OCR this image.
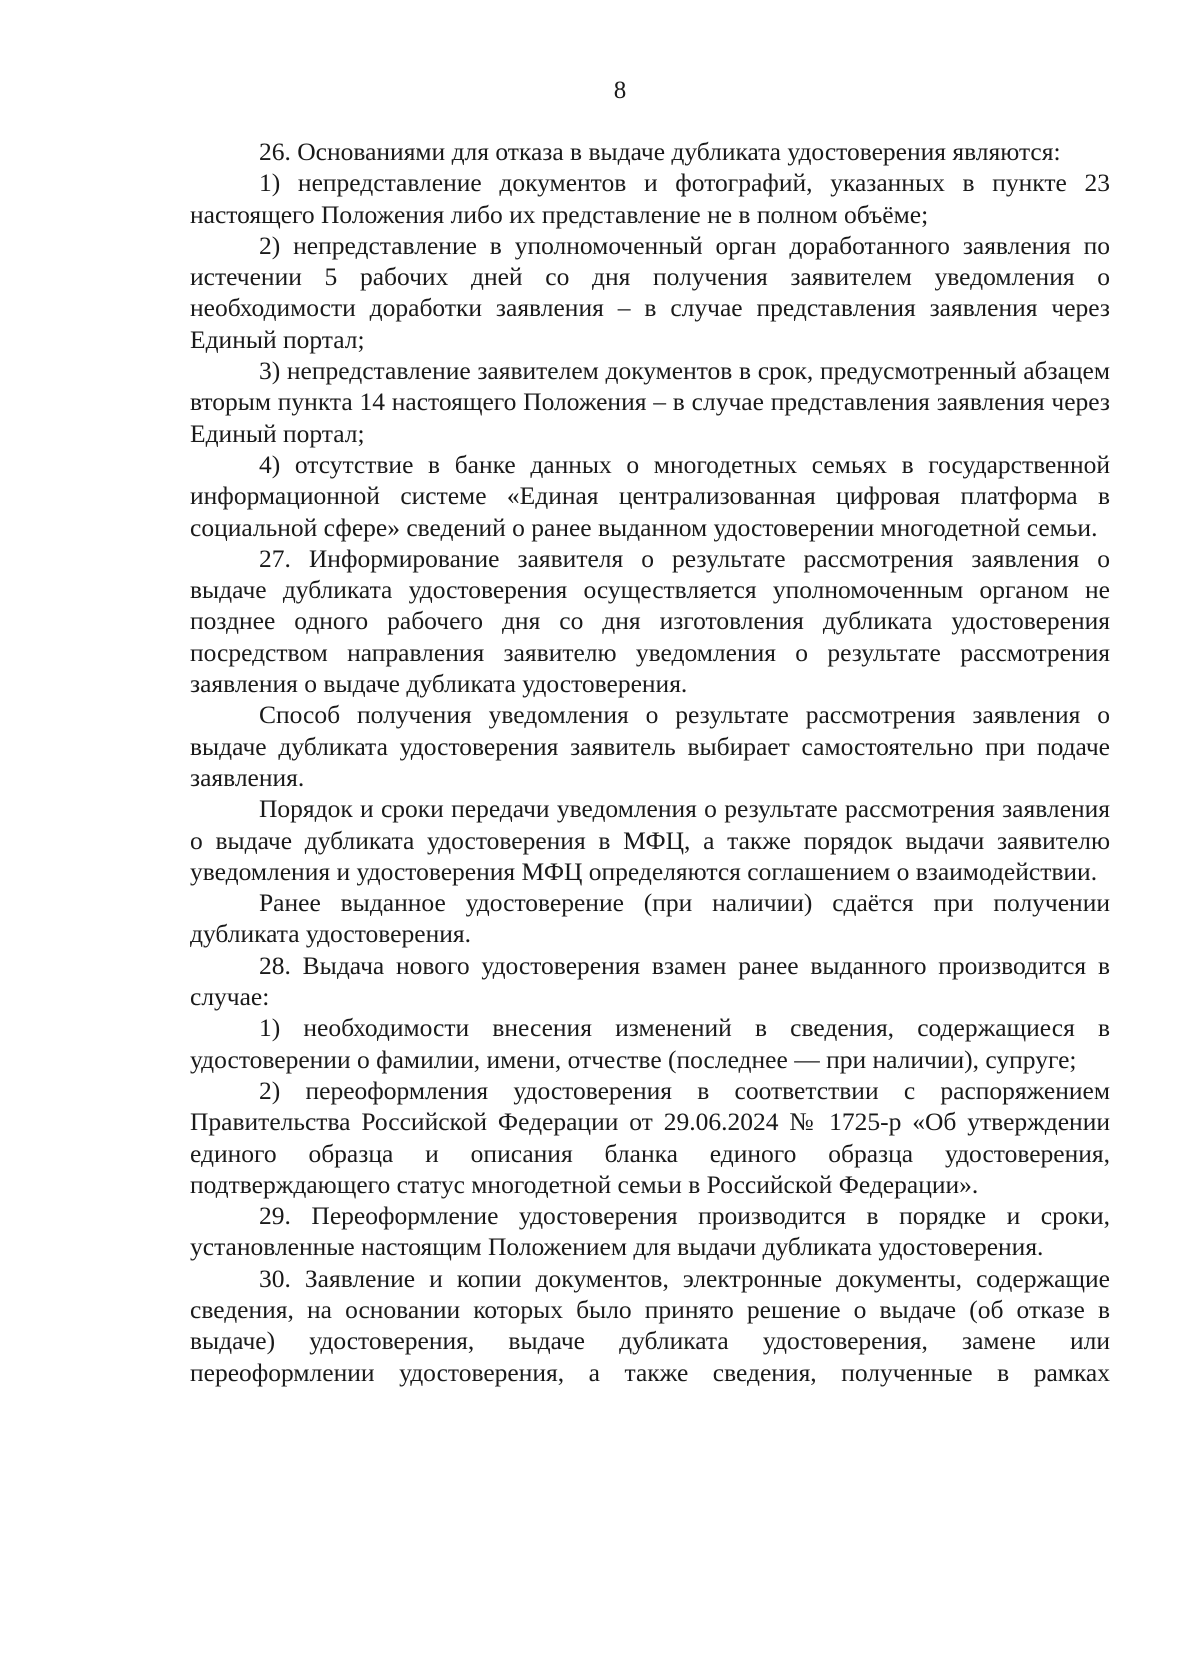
8

26. Основаниями для отказа в выдаче дубликата удостоверения являются:

1) непредставление документов и фотографий, указанных в пункте 23 настоящего Положения либо их представление не в полном объёме;

2) непредставление в уполномоченный орган доработанного заявления по истечении 5 рабочих дней со дня получения заявителем уведомления о необходимости доработки заявления – в случае представления заявления через Единый портал;

3) непредставление заявителем документов в срок, предусмотренный абзацем вторым пункта 14 настоящего Положения – в случае представления заявления через Единый портал;

4) отсутствие в банке данных о многодетных семьях в государственной информационной системе «Единая централизованная цифровая платформа в социальной сфере» сведений о ранее выданном удостоверении многодетной семьи.

27. Информирование заявителя о результате рассмотрения заявления о выдаче дубликата удостоверения осуществляется уполномоченным органом не позднее одного рабочего дня со дня изготовления дубликата удостоверения посредством направления заявителю уведомления о результате рассмотрения заявления о выдаче дубликата удостоверения.

Способ получения уведомления о результате рассмотрения заявления о выдаче дубликата удостоверения заявитель выбирает самостоятельно при подаче заявления.

Порядок и сроки передачи уведомления о результате рассмотрения заявления о выдаче дубликата удостоверения в МФЦ, а также порядок выдачи заявителю уведомления и удостоверения МФЦ определяются соглашением о взаимодействии.

Ранее выданное удостоверение (при наличии) сдаётся при получении дубликата удостоверения.

28. Выдача нового удостоверения взамен ранее выданного производится в случае:

1) необходимости внесения изменений в сведения, содержащиеся в удостоверении о фамилии, имени, отчестве (последнее — при наличии), супруге;

2) переоформления удостоверения в соответствии с распоряжением Правительства Российской Федерации от 29.06.2024 № 1725-р «Об утверждении единого образца и описания бланка единого образца удостоверения, подтверждающего статус многодетной семьи в Российской Федерации».

29. Переоформление удостоверения производится в порядке и сроки, установленные настоящим Положением для выдачи дубликата удостоверения.

30. Заявление и копии документов, электронные документы, содержащие сведения, на основании которых было принято решение о выдаче (об отказе в выдаче) удостоверения, выдаче дубликата удостоверения, замене или переоформлении удостоверения, а также сведения, полученные в рамках
